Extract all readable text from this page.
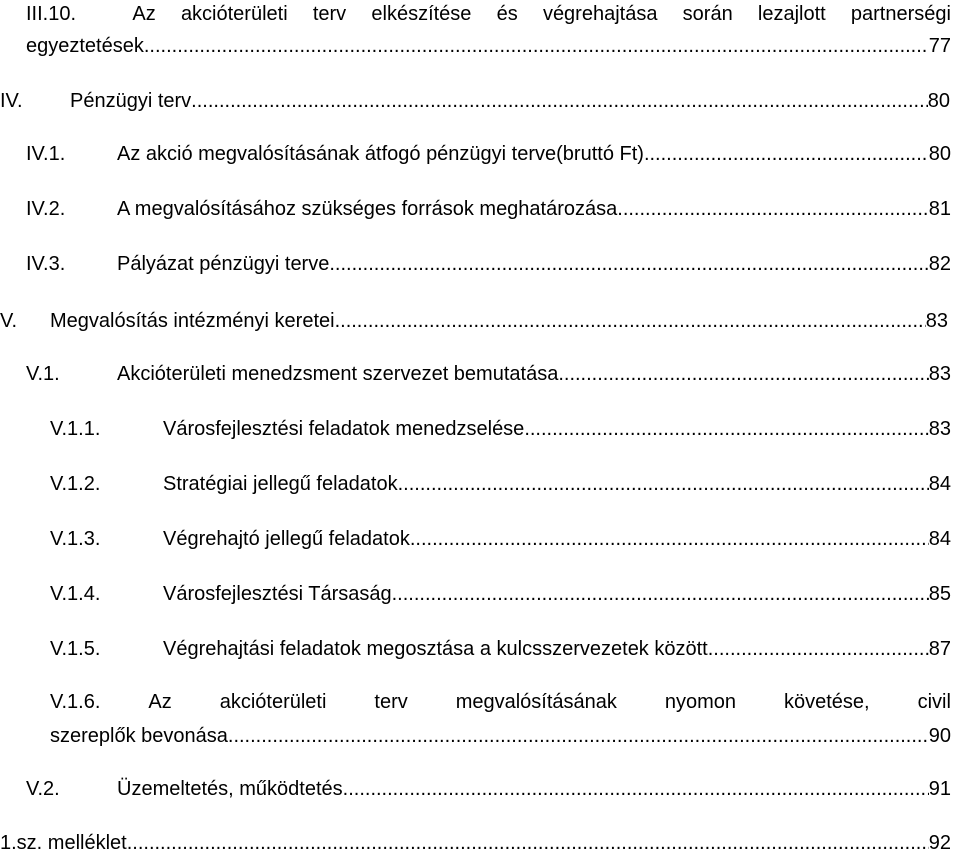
III.10.	Az akcióterületi terv elkészítése és végrehajtása során lezajlott partnerségi
egyeztetések .....	77
IV.	Pénzügyi terv .....	80
IV.1.	Az akció megvalósításának átfogó pénzügyi terve(bruttó Ft) .....	80
IV.2.	A megvalósításához szükséges források meghatározása .....	81
IV.3.	Pályázat pénzügyi terve .....	82
V.	Megvalósítás intézményi keretei .....	83
V.1.	Akcióterületi menedzsment szervezet bemutatása .....	83
V.1.1.	Városfejlesztési feladatok menedzselése .....	83
V.1.2.	Stratégiai jellegű feladatok .....	84
V.1.3.	Végrehajtó jellegű feladatok .....	84
V.1.4.	Városfejlesztési Társaság .....	85
V.1.5.	Végrehajtási feladatok megosztása a kulcsszervezetek között .....	87
V.1.6. Az akcióterületi terv megvalósításának nyomon követése, civil
szereplők bevonása .....	90
V.2.	Üzemeltetés, működtetés .....	91
1.sz. melléklet .....	92
